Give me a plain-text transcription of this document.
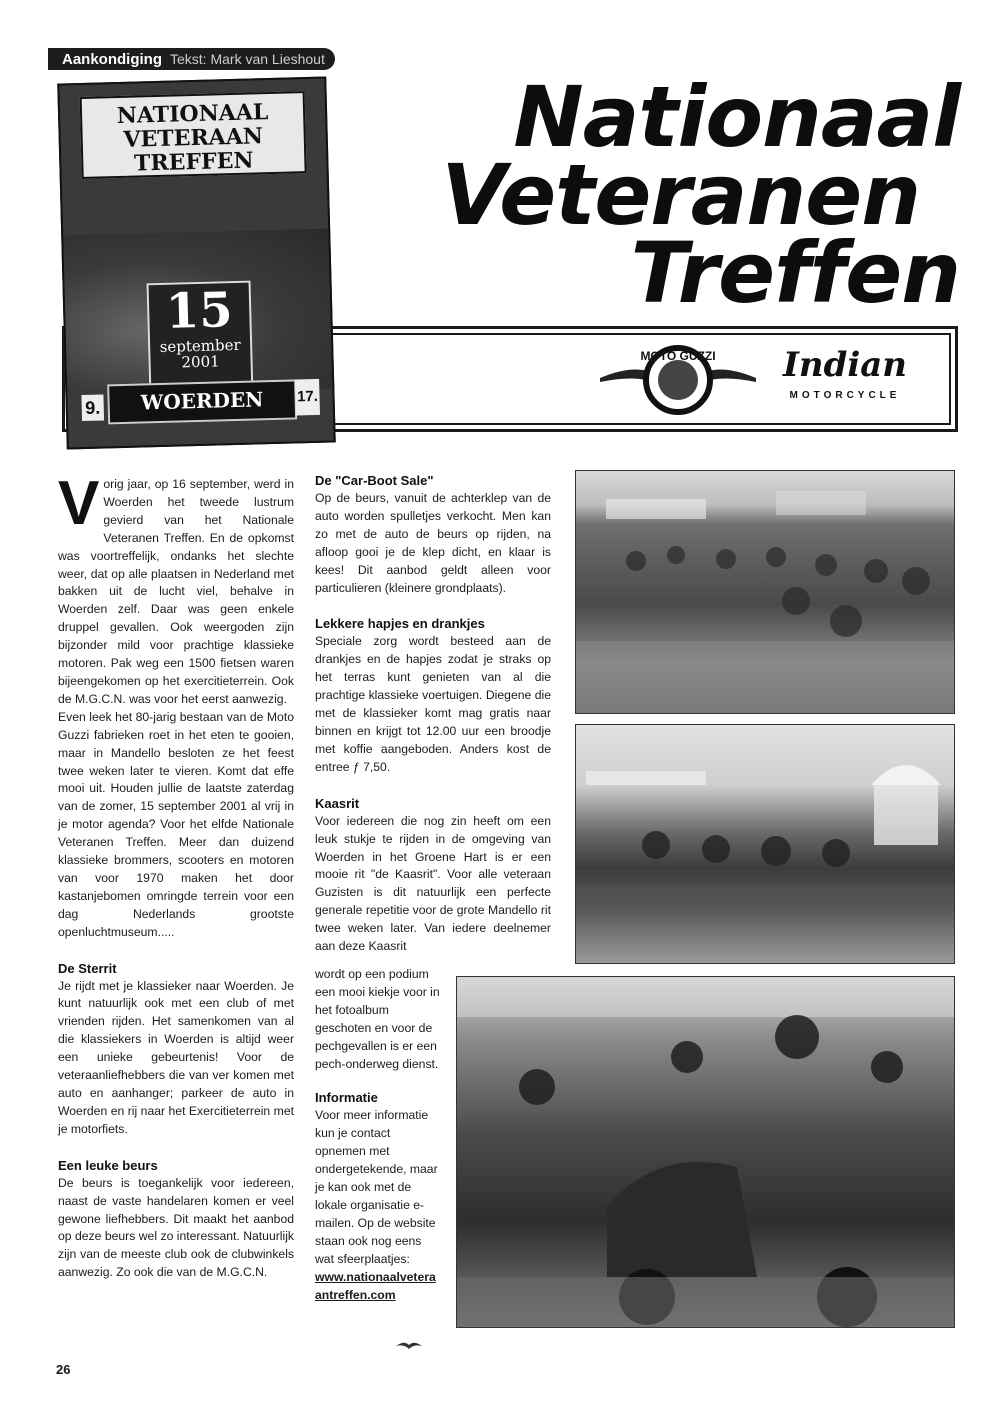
Aankondiging Tekst: Mark van Lieshout
Nationaal
Veteranen
Treffen
NATIONAAL
VETERAAN
TREFFEN
15
september
2001
9.	WOERDEN	17.
MOTO GUZZI Indian
MOTORCYCLE

Vorig jaar, op 16 september, werd in Woerden het tweede lustrum gevierd van het Nationale Veteranen Treffen. En de opkomst was voortreffelijk, ondanks het slechte weer, dat op alle plaatsen in Nederland met bakken uit de lucht viel, behalve in Woerden zelf. Daar was geen enkele druppel gevallen. Ook weergoden zijn bijzonder mild voor prachtige klassieke motoren. Pak weg een 1500 fietsen waren bijeengekomen op het exercitieterrein. Ook de M.G.C.N. was voor het eerst aanwezig.

Even leek het 80-jarig bestaan van de Moto Guzzi fabrieken roet in het eten te gooien, maar in Mandello besloten ze het feest twee weken later te vieren. Komt dat effe mooi uit. Houden jullie de laatste zaterdag van de zomer, 15 september 2001 al vrij in je motor agenda? Voor het elfde Nationale Veteranen Treffen. Meer dan duizend klassieke brommers, scooters en motoren van voor 1970 maken het door kastanjebomen omringde terrein voor een dag Nederlands grootste openluchtmuseum.....

De Sterrit

Je rijdt met je klassieker naar Woerden. Je kunt natuurlijk ook met een club of met vrienden rijden. Het samenkomen van al die klassiekers in Woerden is altijd weer een unieke gebeurtenis! Voor de veteraanliefhebbers die van ver komen met auto en aanhanger; parkeer de auto in Woerden en rij naar het Exercitieterrein met je motorfiets.

Een leuke beurs

De beurs is toegankelijk voor iedereen, naast de vaste handelaren komen er veel gewone liefhebbers. Dit maakt het aanbod op deze beurs wel zo interessant. Natuurlijk zijn van de meeste club ook de clubwinkels aanwezig. Zo ook die van de M.G.C.N.

De "Car-Boot Sale"

Op de beurs, vanuit de achterklep van de auto worden spulletjes verkocht. Men kan zo met de auto de beurs op rijden, na afloop gooi je de klep dicht, en klaar is kees! Dit aanbod geldt alleen voor particulieren (kleinere grondplaats).

Lekkere hapjes en drankjes

Speciale zorg wordt besteed aan de drankjes en de hapjes zodat je straks op het terras kunt genieten van al die prachtige klassieke voertuigen. Diegene die met de klassieker komt mag gratis naar binnen en krijgt tot 12.00 uur een broodje met koffie aangeboden. Anders kost de entree ƒ 7,50.

Kaasrit

Voor iedereen die nog zin heeft om een leuk stukje te rijden in de omgeving van Woerden in het Groene Hart is er een mooie rit "de Kaasrit". Voor alle veteraan Guzisten is dit natuurlijk een perfecte generale repetitie voor de grote Mandello rit twee weken later. Van iedere deelnemer aan deze Kaasrit

wordt op een podium een mooi kiekje voor in het fotoalbum geschoten en voor de pechgevallen is er een pech-onderweg dienst.

Informatie

Voor meer informatie kun je contact opnemen met ondergetekende, maar je kan ook met de lokale organisatie e-mailen. Op de website staan ook nog eens wat sfeerplaatjes:

www.nationaalveteraantreffen.com

26
